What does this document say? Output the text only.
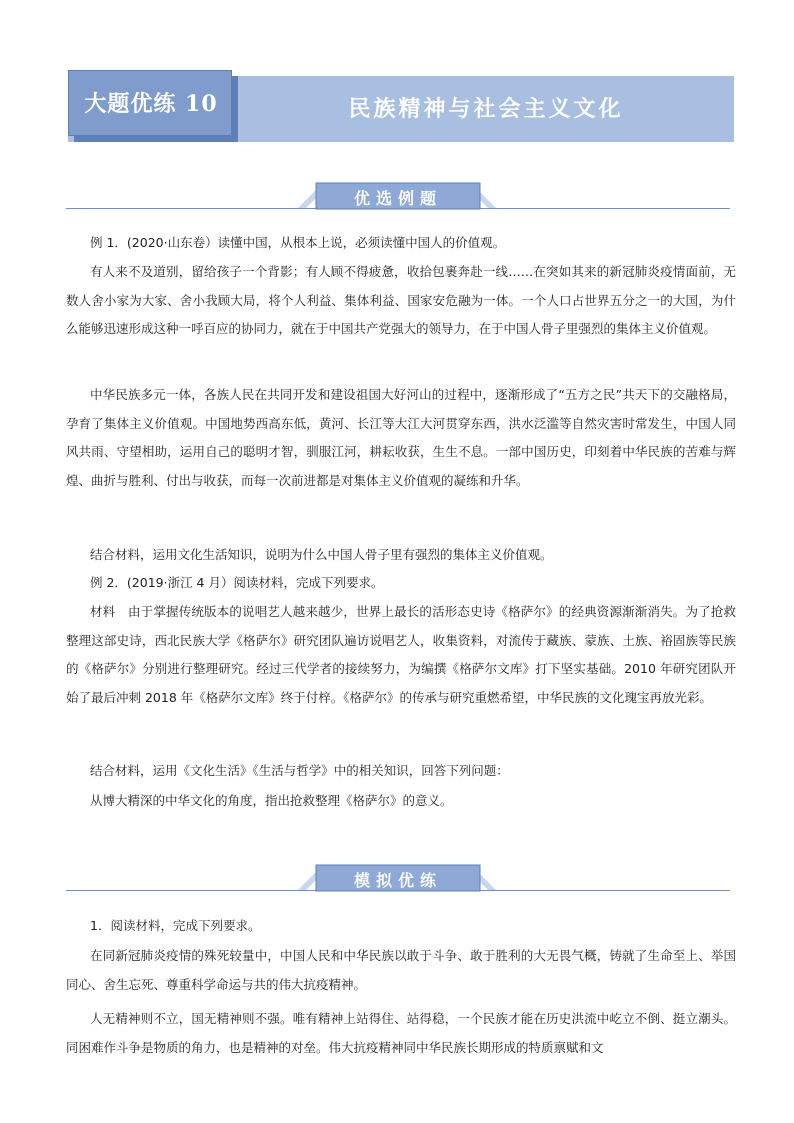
大题优练 10	民族精神与社会主义文化
优选例题

例 1．(2020·山东卷）读懂中国，从根本上说，必须读懂中国人的价值观。

有人来不及道别，留给孩子一个背影；有人顾不得疲惫，收拾包裹奔赴一线……在突如其来的新冠肺炎疫情面前，无数人舍小家为大家、舍小我顾大局，将个人利益、集体利益、国家安危融为一体。一个人口占世界五分之一的大国，为什么能够迅速形成这种一呼百应的协同力，就在于中国共产党强大的领导力，在于中国人骨子里强烈的集体主义价值观。

中华民族多元一体，各族人民在共同开发和建设祖国大好河山的过程中，逐渐形成了“五方之民”共天下的交融格局，孕育了集体主义价值观。中国地势西高东低，黄河、长江等大江大河贯穿东西，洪水泛滥等自然灾害时常发生，中国人同风共雨、守望相助，运用自己的聪明才智，驯服江河，耕耘收获，生生不息。一部中国历史，印刻着中华民族的苦难与辉煌、曲折与胜利、付出与收获，而每一次前进都是对集体主义价值观的凝练和升华。

结合材料，运用文化生活知识，说明为什么中国人骨子里有强烈的集体主义价值观。

例 2．(2019·浙江 4 月）阅读材料，完成下列要求。

材料　由于掌握传统版本的说唱艺人越来越少，世界上最长的活形态史诗《格萨尔》的经典资源渐渐消失。为了抢救整理这部史诗，西北民族大学《格萨尔》研究团队遍访说唱艺人，收集资料，对流传于藏族、蒙族、土族、裕固族等民族的《格萨尔》分别进行整理研究。经过三代学者的接续努力，为编撰《格萨尔文库》打下坚实基础。2010 年研究团队开始了最后冲刺 2018 年《格萨尔文库》终于付梓。《格萨尔》的传承与研究重燃希望，中华民族的文化瑰宝再放光彩。

结合材料，运用《文化生活》《生活与哲学》中的相关知识，回答下列问题：

从博大精深的中华文化的角度，指出抢救整理《格萨尔》的意义。

模拟优练

1．阅读材料，完成下列要求。

在同新冠肺炎疫情的殊死较量中，中国人民和中华民族以敢于斗争、敢于胜利的大无畏气概，铸就了生命至上、举国同心、舍生忘死、尊重科学命运与共的伟大抗疫精神。

人无精神则不立，国无精神则不强。唯有精神上站得住、站得稳，一个民族才能在历史洪流中屹立不倒、挺立潮头。同困难作斗争是物质的角力，也是精神的对垒。伟大抗疫精神同中华民族长期形成的特质禀赋和文
